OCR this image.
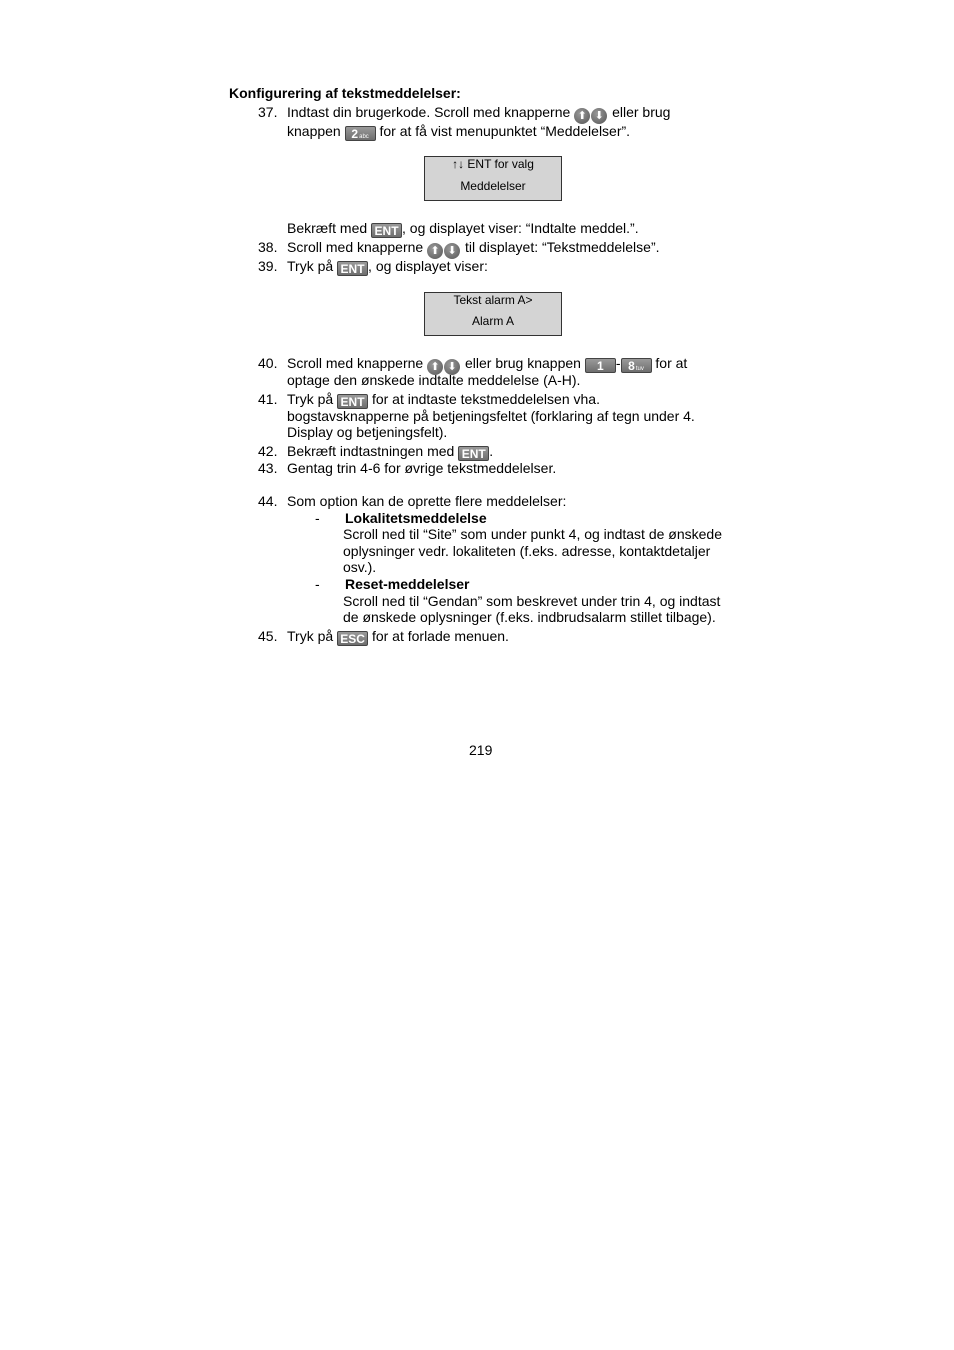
Konfigurering af tekstmeddelelser:
37. Indtast din brugerkode. Scroll med knapperne ⬆ ⬇ eller brug
knappen 2abc for at få vist menupunktet “Meddelelser”.
↑↓ ENT for valg
Meddelelser
Bekræft med ENT , og displayet viser: “Indtalte meddel.”.
38. Scroll med knapperne ⬆ ⬇ til displayet: “Tekstmeddelelse”.
39. Tryk på ENT , og displayet viser:
Tekst alarm A>
Alarm A
40. Scroll med knapperne ⬆ ⬇ eller brug knappen 1 - 8tuv for at
optage den ønskede indtalte meddelelse (A-H).
41. Tryk på ENT for at indtaste tekstmeddelelsen vha.
bogstavsknapperne på betjeningsfeltet (forklaring af tegn under 4.
Display og betjeningsfelt).
42. Bekræft indtastningen med ENT .
43. Gentag trin 4-6 for øvrige tekstmeddelelser.
44. Som option kan de oprette flere meddelelser:
- Lokalitetsmeddelelse
Scroll ned til “Site” som under punkt 4, og indtast de ønskede
oplysninger vedr. lokaliteten (f.eks. adresse, kontaktdetaljer
osv.).
- Reset-meddelelser
Scroll ned til “Gendan” som beskrevet under trin 4, og indtast
de ønskede oplysninger (f.eks. indbrudsalarm stillet tilbage).
45. Tryk på ESC for at forlade menuen.
219
